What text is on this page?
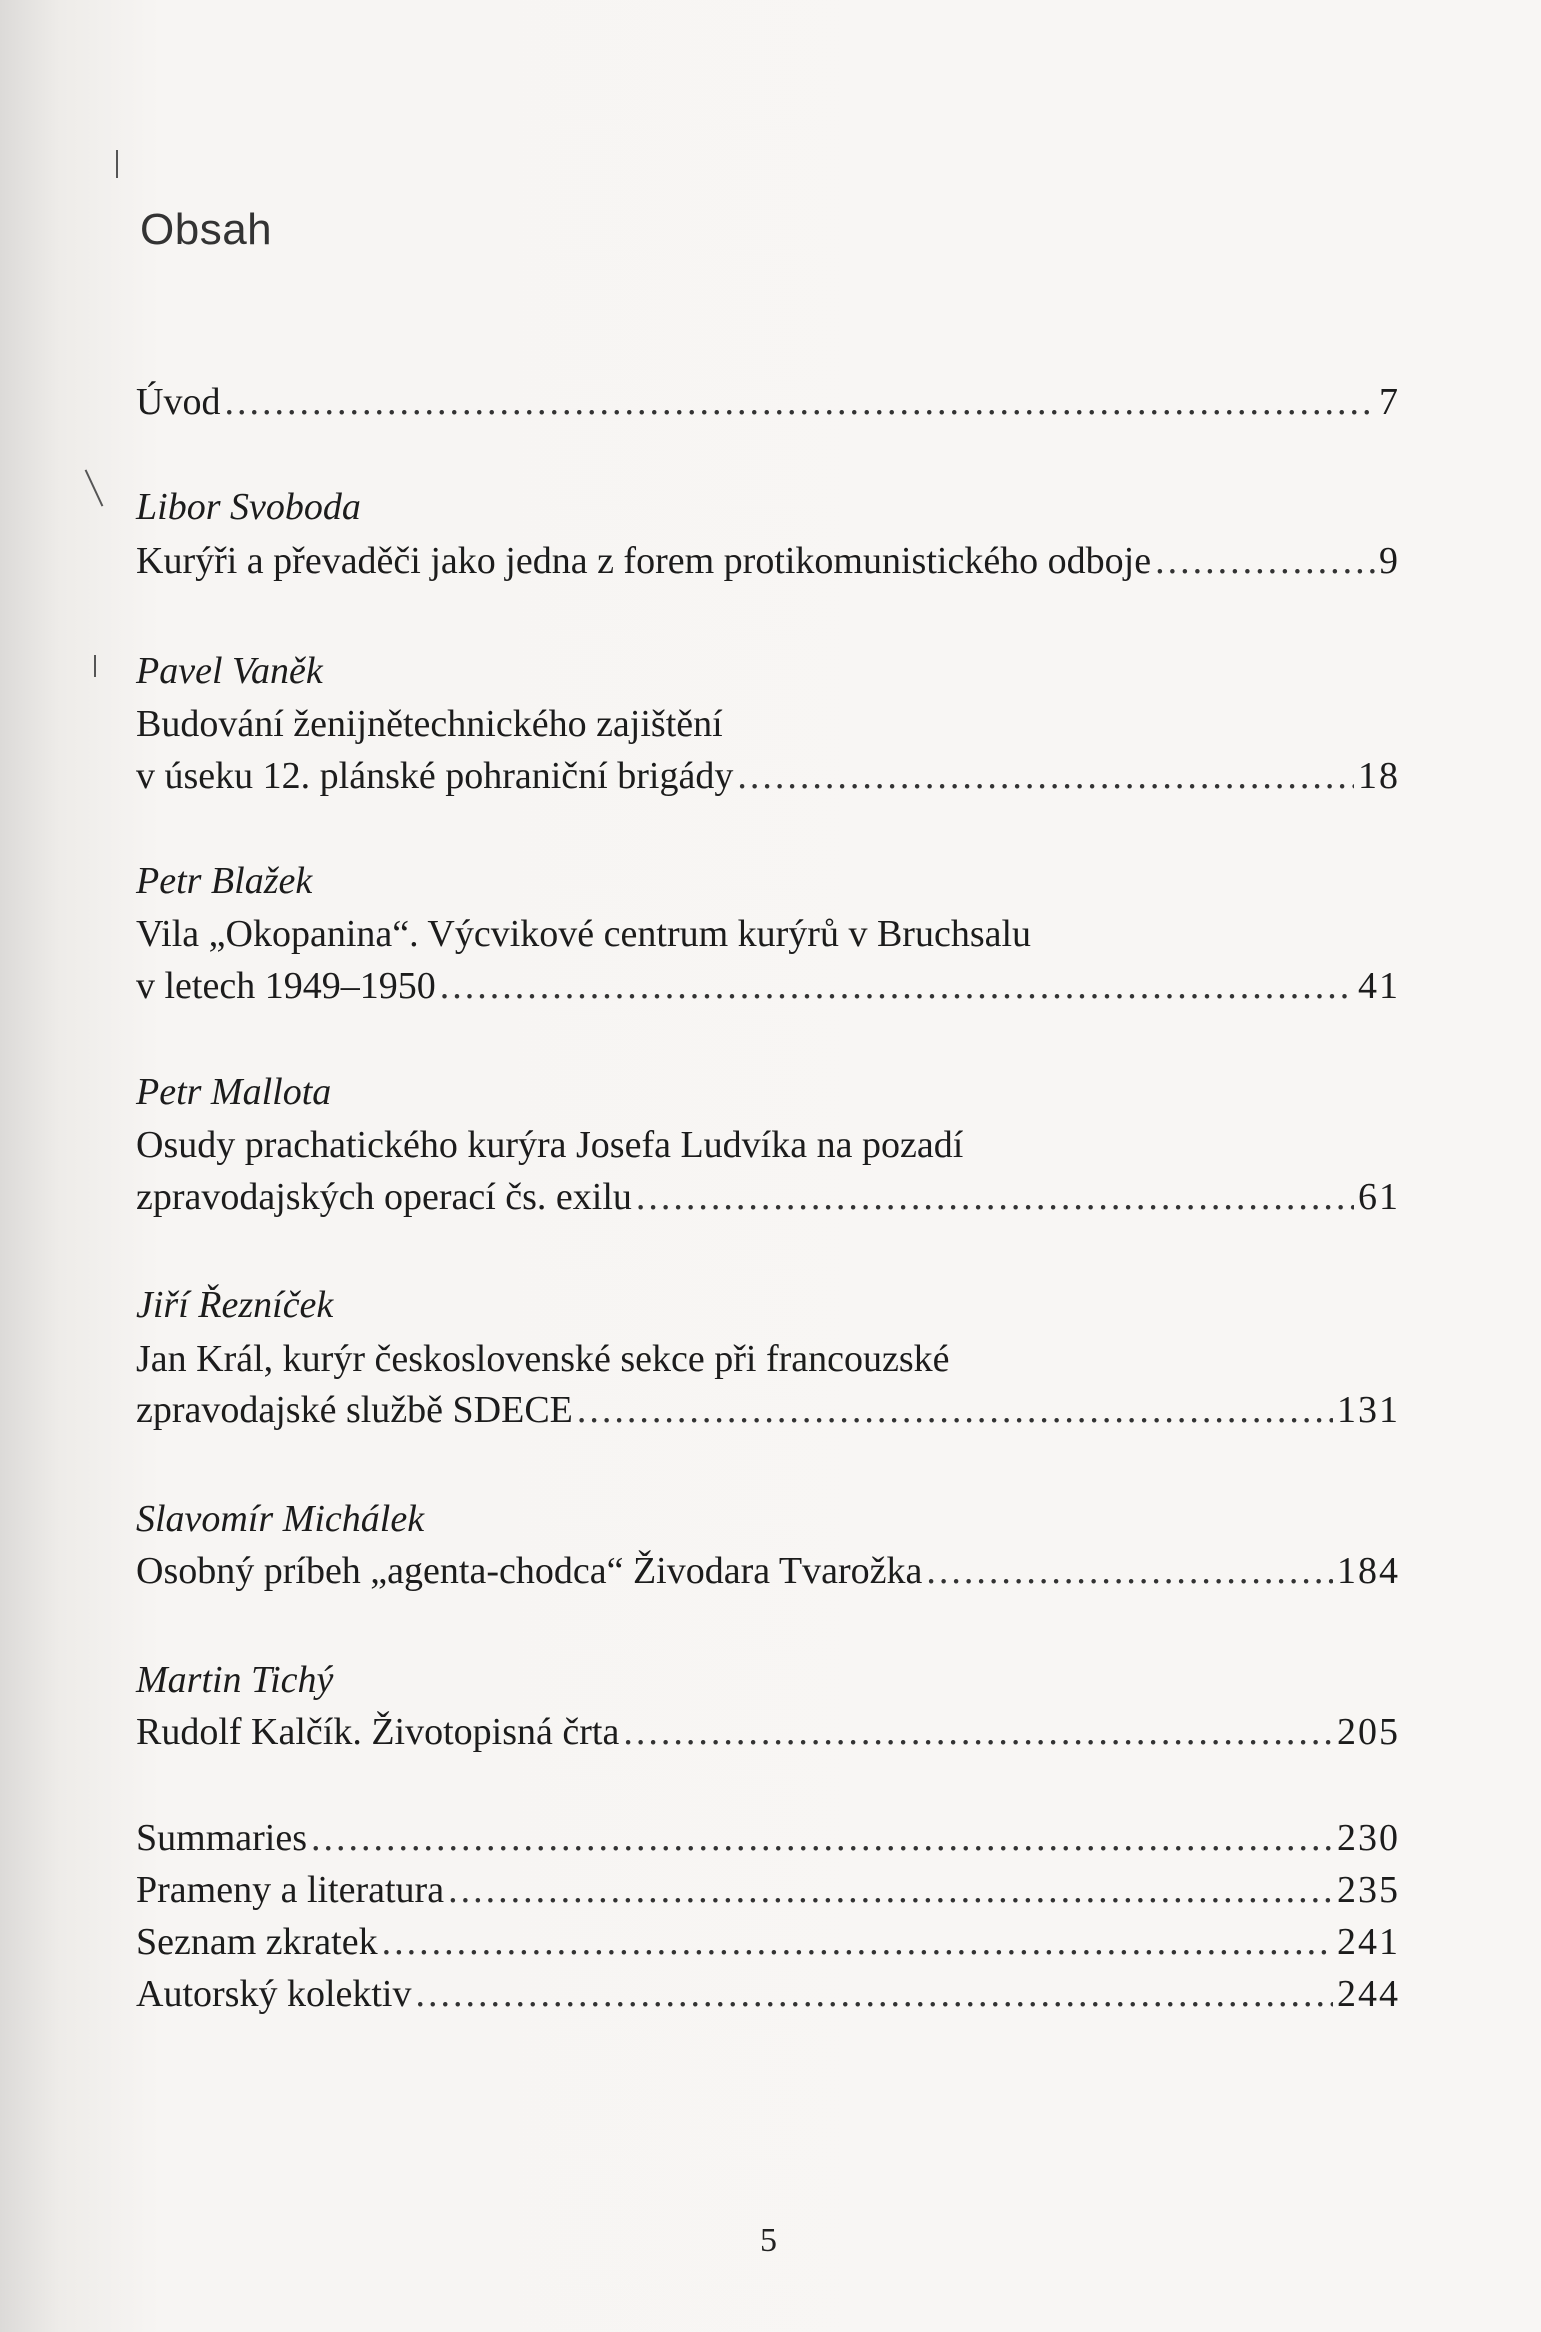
Obsah
Úvod .....	7
Libor Svoboda
Kurýři a převaděči jako jedna z forem protikomunistického odboje .....	9
Pavel Vaněk
Budování ženijnětechnického zajištění
v úseku 12. plánské pohraniční brigády .....	18
Petr Blažek
Vila „Okopanina“. Výcvikové centrum kurýrů v Bruchsalu
v letech 1949–1950 .....	41
Petr Mallota
Osudy prachatického kurýra Josefa Ludvíka na pozadí
zpravodajských operací čs. exilu .....	61
Jiří Řezníček
Jan Král, kurýr československé sekce při francouzské
zpravodajské službě SDECE .....	131
Slavomír Michálek
Osobný príbeh „agenta-chodca“ Živodara Tvarožka .....	184
Martin Tichý
Rudolf Kalčík. Životopisná črta .....	205
Summaries .....	230
Prameny a literatura .....	235
Seznam zkratek .....	241
Autorský kolektiv .....	244
5
